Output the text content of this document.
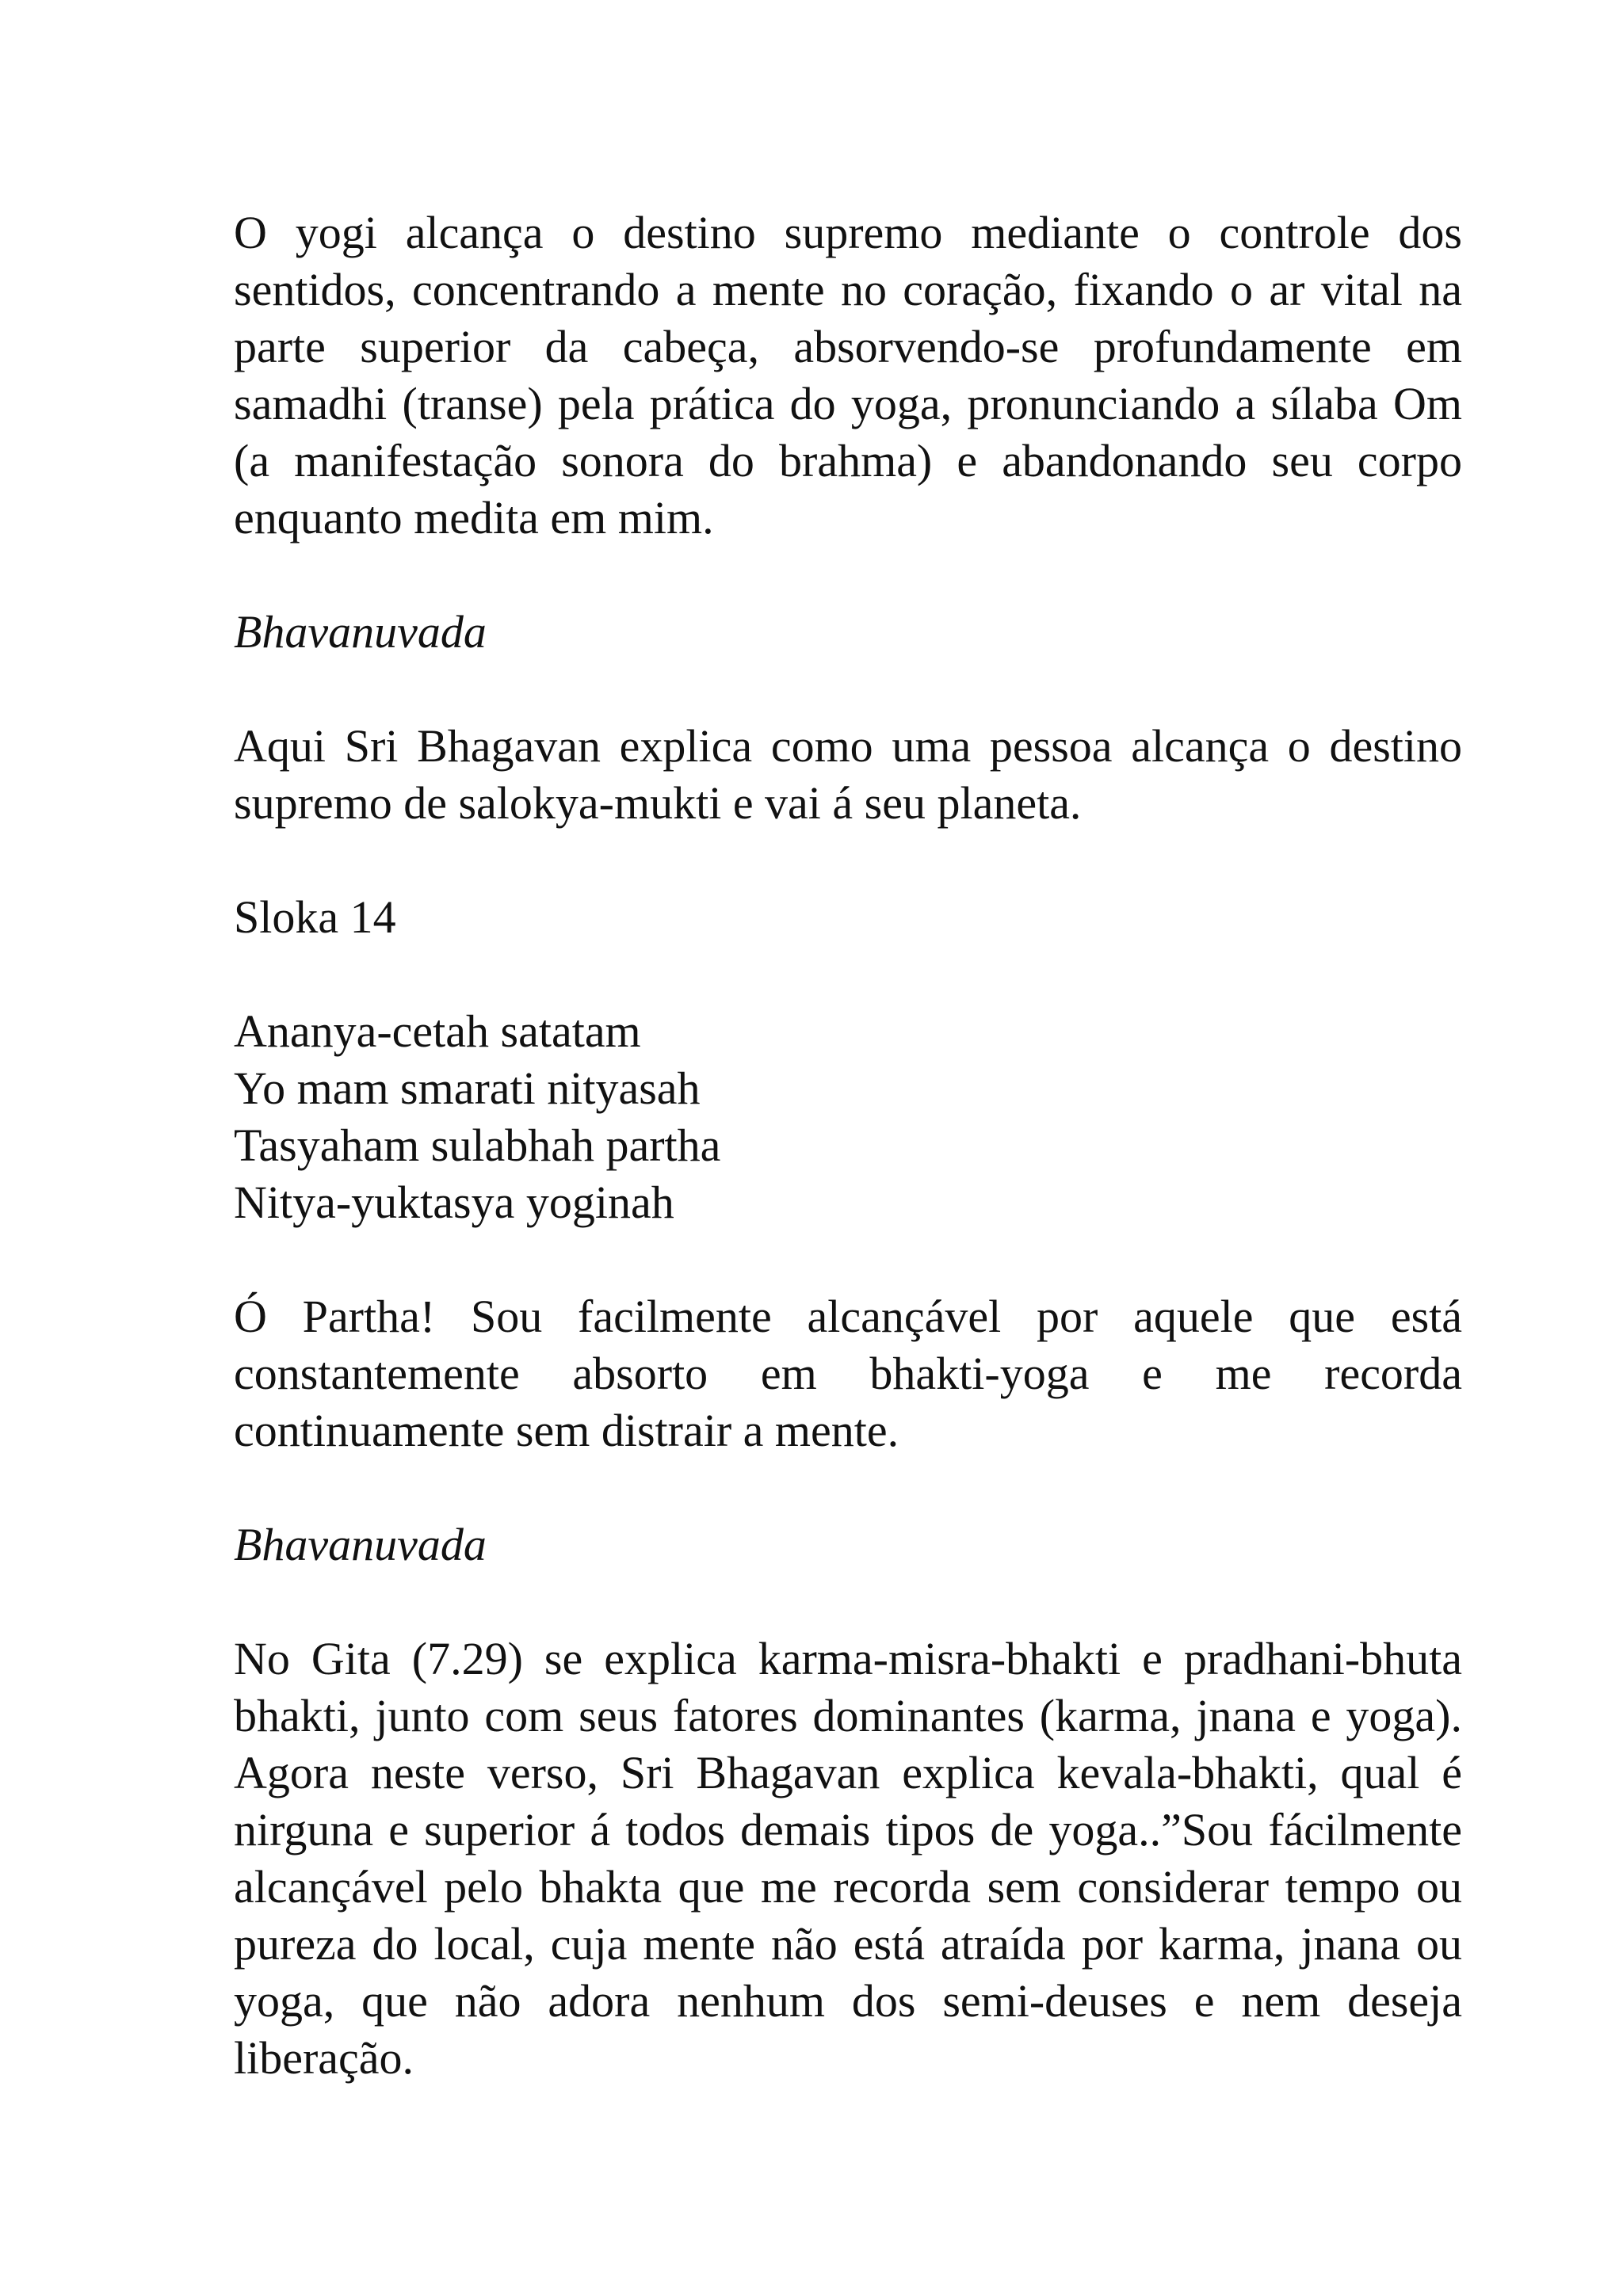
O yogi alcança o destino supremo mediante o controle dos sentidos, concentrando a mente no coração, fixando o ar vital na parte superior da cabeça, absorvendo-se profundamente em samadhi (transe) pela prática do yoga, pronunciando a sílaba Om (a manifestação sonora do brahma) e abandonando seu corpo enquanto medita em mim.

Bhavanuvada

Aqui Sri Bhagavan explica como uma pessoa alcança o destino supremo de salokya-mukti e vai á seu planeta.

Sloka 14

Ananya-cetah satatam
Yo mam smarati nityasah
Tasyaham sulabhah partha
Nitya-yuktasya yoginah

Ó Partha! Sou facilmente alcançável por aquele que está constantemente absorto em bhakti-yoga e me recorda continuamente sem distrair a mente.

Bhavanuvada

No Gita (7.29) se explica karma-misra-bhakti e pradhani-bhuta bhakti, junto com seus fatores dominantes (karma, jnana e yoga). Agora neste verso, Sri Bhagavan explica kevala-bhakti, qual é nirguna e superior á todos demais tipos de yoga..”Sou fácilmente alcançável pelo bhakta que me recorda sem considerar tempo ou pureza do local, cuja mente não está atraída por karma, jnana ou yoga, que não adora nenhum dos semi-deuses e nem deseja liberação.
